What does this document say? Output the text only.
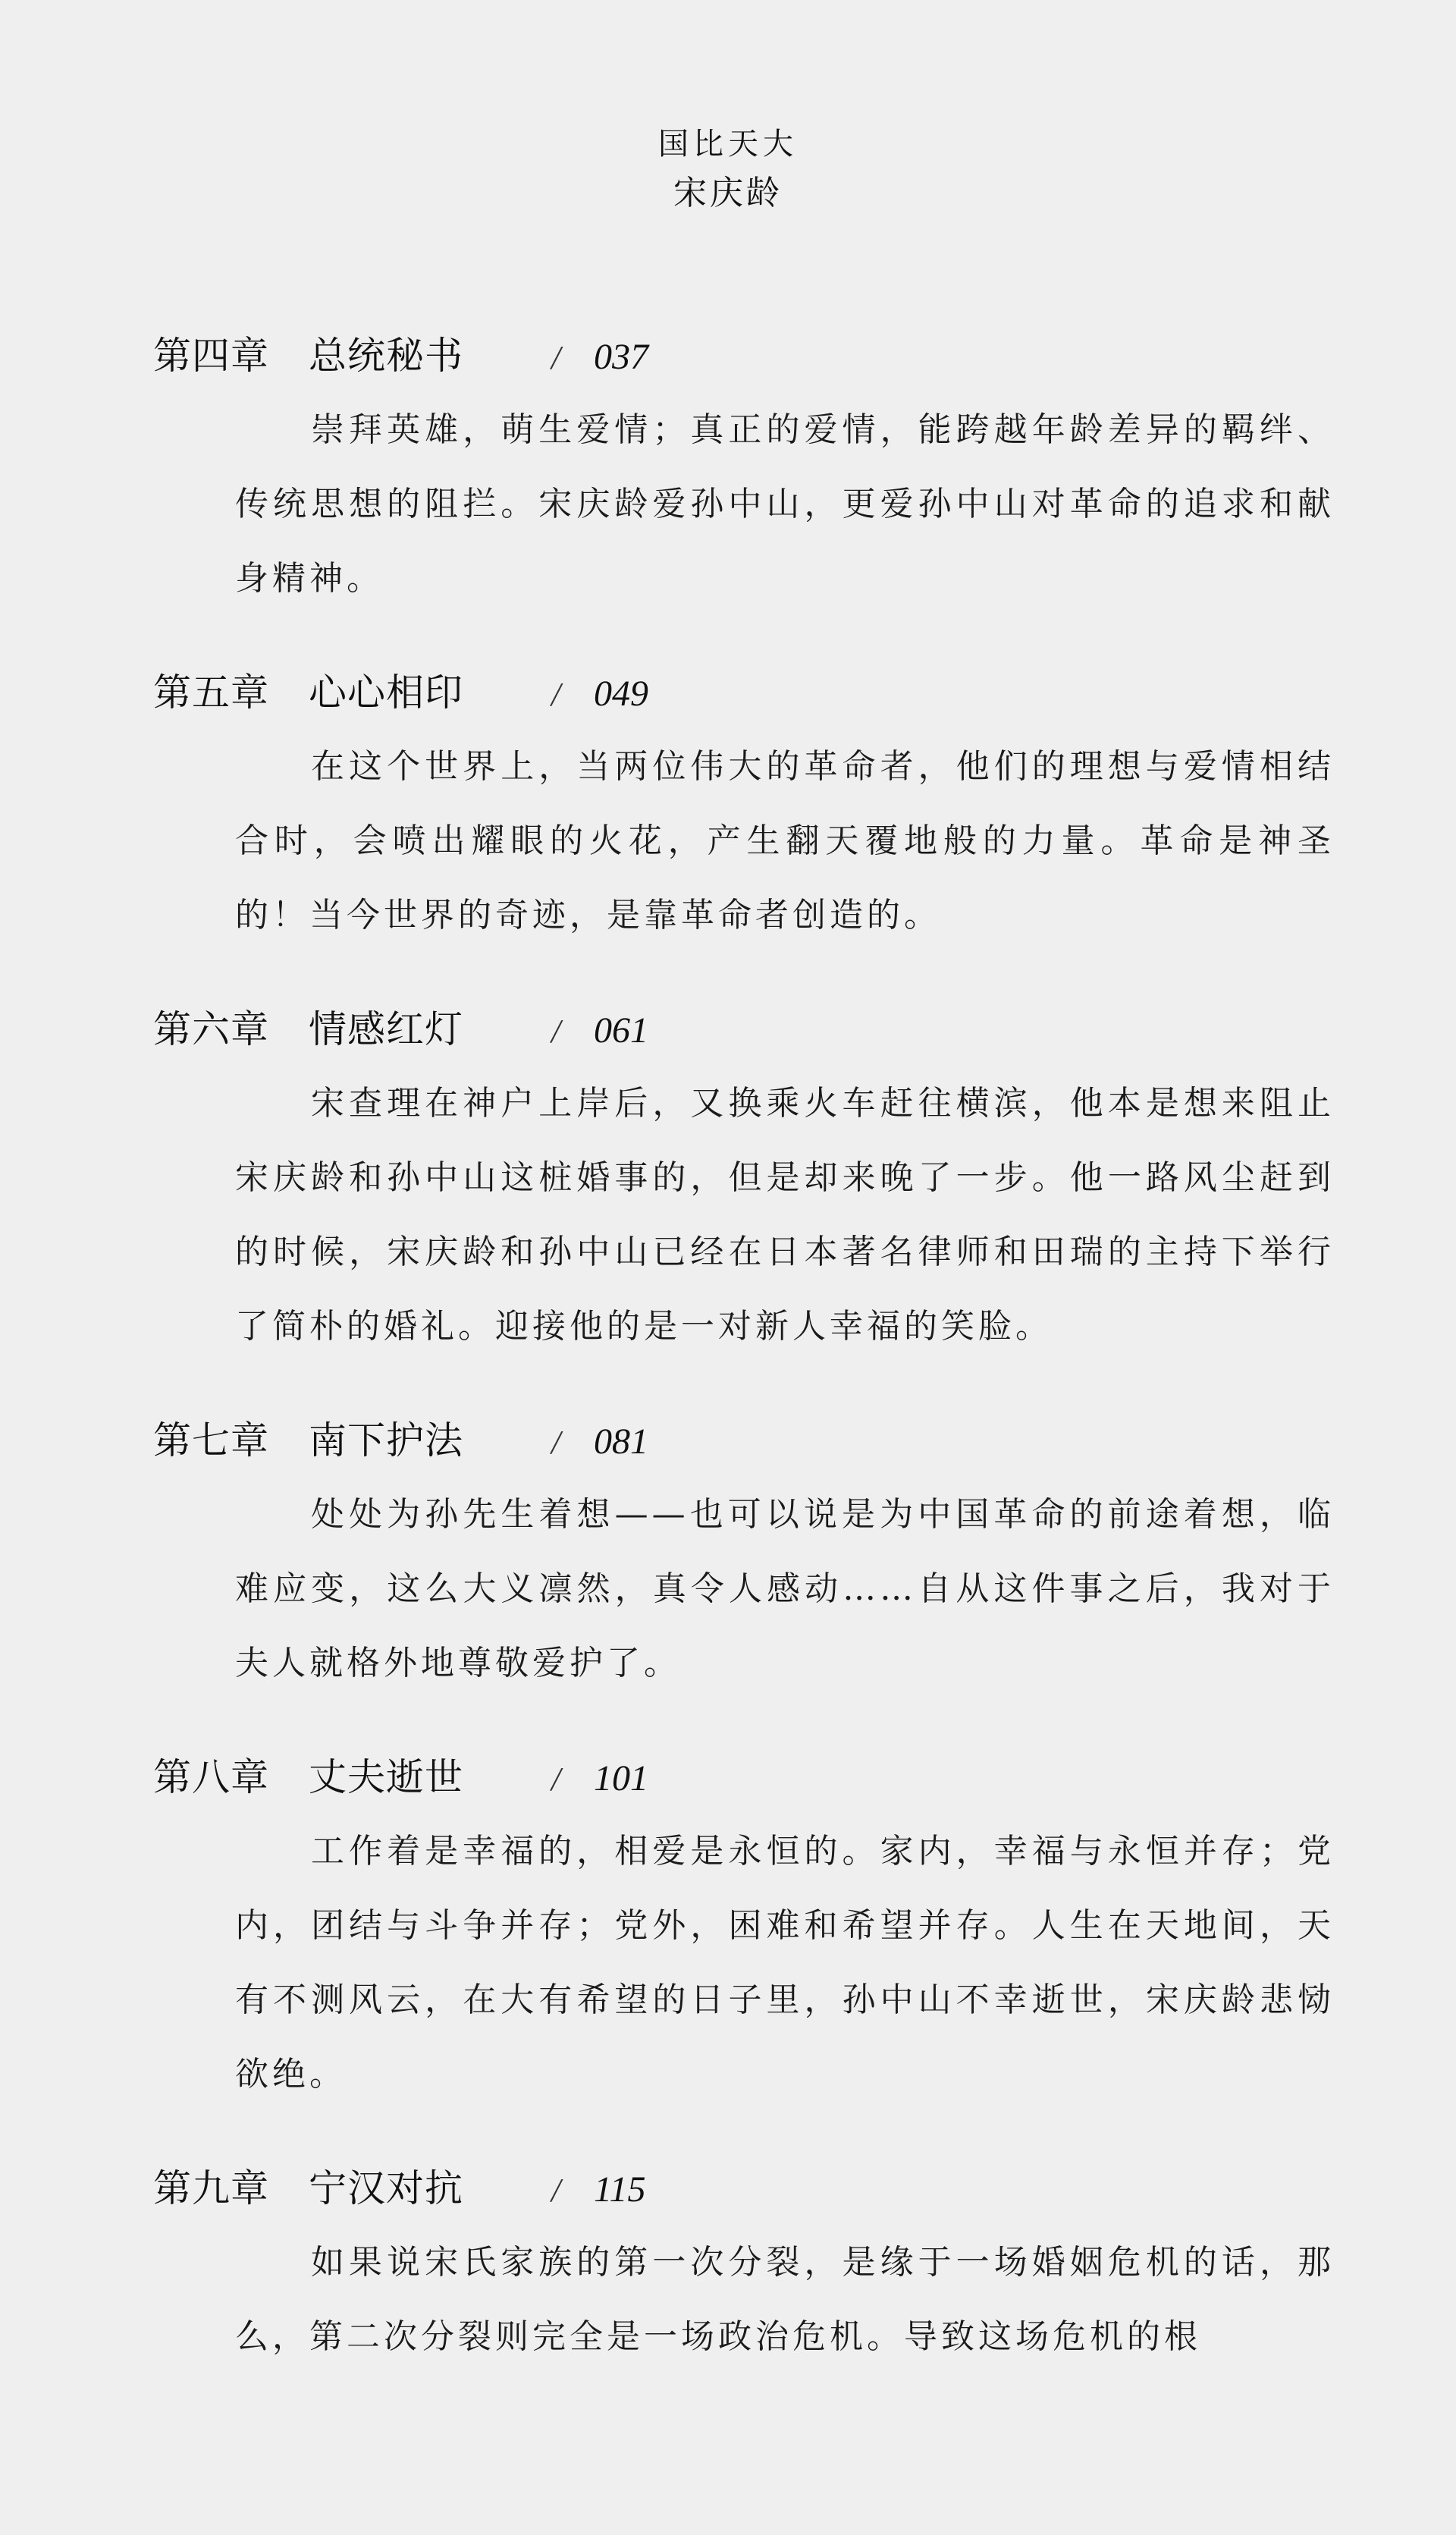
国比天大
宋庆龄
第四章 总统秘书	/ 037

崇拜英雄，萌生爱情；真正的爱情，能跨越年龄差异的羁绊、传统思想的阻拦。宋庆龄爱孙中山，更爱孙中山对革命的追求和献身精神。

第五章 心心相印	/ 049

在这个世界上，当两位伟大的革命者，他们的理想与爱情相结合时，会喷出耀眼的火花，产生翻天覆地般的力量。革命是神圣的！当今世界的奇迹，是靠革命者创造的。

第六章 情感红灯	/ 061

宋查理在神户上岸后，又换乘火车赶往横滨，他本是想来阻止宋庆龄和孙中山这桩婚事的，但是却来晚了一步。他一路风尘赶到的时候，宋庆龄和孙中山已经在日本著名律师和田瑞的主持下举行了简朴的婚礼。迎接他的是一对新人幸福的笑脸。

第七章 南下护法	/ 081

处处为孙先生着想——也可以说是为中国革命的前途着想，临难应变，这么大义凛然，真令人感动……自从这件事之后，我对于夫人就格外地尊敬爱护了。

第八章 丈夫逝世	/ 101

工作着是幸福的，相爱是永恒的。家内，幸福与永恒并存；党内，团结与斗争并存；党外，困难和希望并存。人生在天地间，天有不测风云，在大有希望的日子里，孙中山不幸逝世，宋庆龄悲恸欲绝。

第九章 宁汉对抗	/ 115

如果说宋氏家族的第一次分裂，是缘于一场婚姻危机的话，那么，第二次分裂则完全是一场政治危机。导致这场危机的根
